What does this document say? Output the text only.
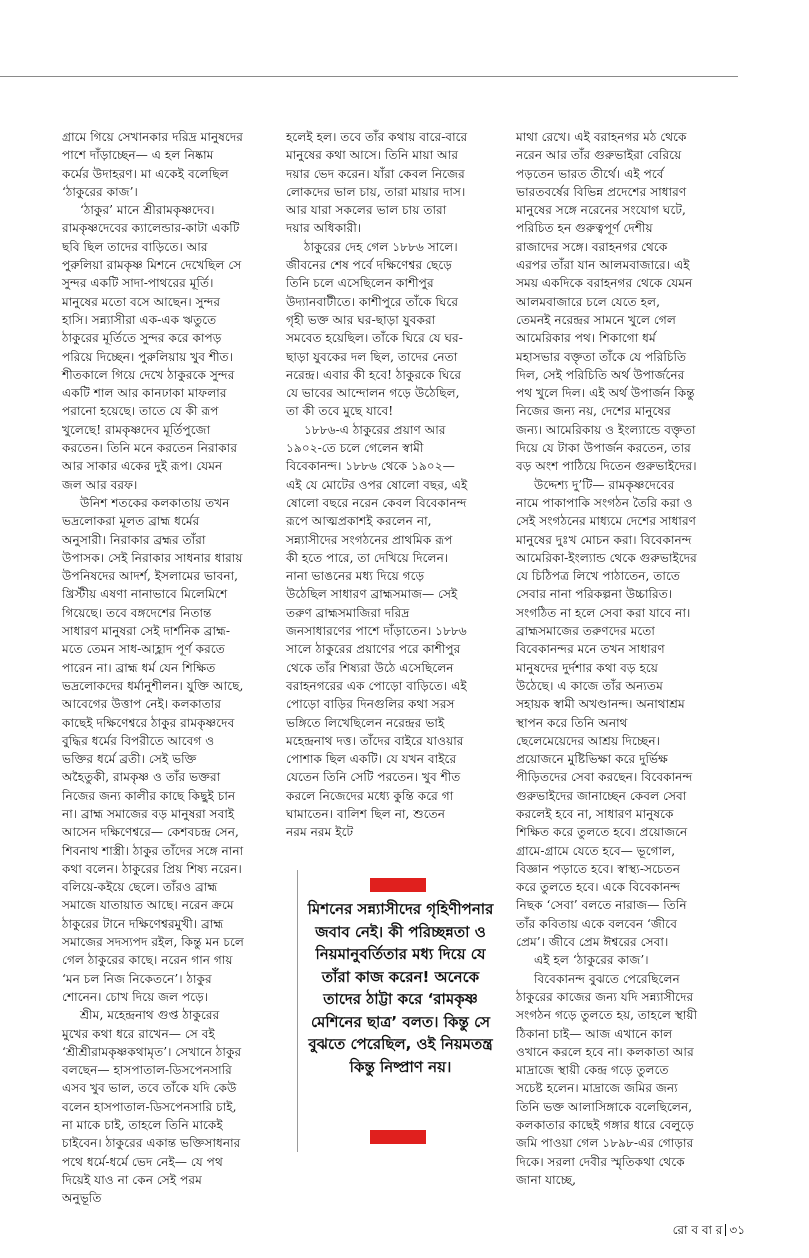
গ্রামে গিয়ে সেখানকার দরিদ্র মানুষদের পাশে দাঁড়াচ্ছেন— এ হল নিষ্কাম কর্মের উদাহরণ। মা একেই বলেছিল ‘ঠাকুরের কাজ’।

‘ঠাকুর’ মানে শ্রীরামকৃষ্ণদেব। রামকৃষ্ণদেবের ক্যালেন্ডার-কাটা একটি ছবি ছিল তাদের বাড়িতে। আর পুরুলিয়া রামকৃষ্ণ মিশনে দেখেছিল সে সুন্দর একটি সাদা-পাথরের মূর্তি। মানুষের মতো বসে আছেন। সুন্দর হাসি। সন্ন্যাসীরা এক-এক ঋতুতে ঠাকুরের মূর্তিতে সুন্দর করে কাপড় পরিয়ে দিচ্ছেন। পুরুলিয়ায় খুব শীত। শীতকালে গিয়ে দেখে ঠাকুরকে সুন্দর একটি শাল আর কানঢাকা মাফলার পরানো হয়েছে। তাতে যে কী রূপ খুলেছে! রামকৃষ্ণদেব মূর্তিপুজো করতেন। তিনি মনে করতেন নিরাকার আর সাকার একের দুই রূপ। যেমন জল আর বরফ।

উনিশ শতকের কলকাতায় তখন ভদ্রলোকরা মূলত ব্রাহ্ম ধর্মের অনুসারী। নিরাকার ব্রহ্মর তাঁরা উপাসক। সেই নিরাকার সাধনার ধারায় উপনিষদের আদর্শ, ইসলামের ভাবনা, খ্রিস্টীয় এষণা নানাভাবে মিলেমিশে গিয়েছে। তবে বঙ্গদেশের নিতান্ত সাধারণ মানুষরা সেই দার্শনিক ব্রাহ্ম-মতে তেমন সাধ-আহ্লাদ পূর্ণ করতে পারেন না। ব্রাহ্ম ধর্ম যেন শিক্ষিত ভদ্রলোকদের ধর্মানুশীলন। যুক্তি আছে, আবেগের উত্তাপ নেই। কলকাতার কাছেই দক্ষিণেশ্বরে ঠাকুর রামকৃষ্ণদেব বুদ্ধির ধর্মের বিপরীতে আবেগ ও ভক্তির ধর্মে ব্রতী। সেই ভক্তি অহৈতুকী, রামকৃষ্ণ ও তাঁর ভক্তরা নিজের জন্য কালীর কাছে কিছুই চান না। ব্রাহ্ম সমাজের বড় মানুষরা সবাই আসেন দক্ষিণেশ্বরে— কেশবচন্দ্র সেন, শিবনাথ শাস্ত্রী। ঠাকুর তাঁদের সঙ্গে নানা কথা বলেন। ঠাকুরের প্রিয় শিষ্য নরেন। বলিয়ে-কইয়ে ছেলে। তাঁরও ব্রাহ্ম সমাজে যাতায়াত আছে। নরেন ক্রমে ঠাকুরের টানে দক্ষিণেশ্বরমুখী। ব্রাহ্ম সমাজের সদস্যপদ রইল, কিন্তু মন চলে গেল ঠাকুরের কাছে। নরেন গান গায় ‘মন চল নিজ নিকেতনে’। ঠাকুর শোনেন। চোখ দিয়ে জল পড়ে।

শ্রীম, মহেন্দ্রনাথ গুপ্ত ঠাকুরের মুখের কথা ধরে রাখেন— সে বই ‘শ্রীশ্রীরামকৃষ্ণকথামৃত’। সেখানে ঠাকুর বলছেন— হাসপাতাল-ডিসপেনসারি এসব খুব ভাল, তবে তাঁকে যদি কেউ বলেন হাসপাতাল-ডিসপেনসারি চাই, না মাকে চাই, তাহলে তিনি মাকেই চাইবেন। ঠাকুরের একান্ত ভক্তিসাধনার পথে ধর্মে-ধর্মে ভেদ নেই— যে পথ দিয়েই যাও না কেন সেই পরম অনুভূতি

হলেই হল। তবে তাঁর কথায় বারে-বারে মানুষের কথা আসে। তিনি মায়া আর দয়ার ভেদ করেন। যাঁরা কেবল নিজের লোকদের ভাল চায়, তারা মায়ার দাস। আর যারা সকলের ভাল চায় তারা দয়ার অধিকারী।

ঠাকুরের দেহ গেল ১৮৮৬ সালে। জীবনের শেষ পর্বে দক্ষিণেশ্বর ছেড়ে তিনি চলে এসেছিলেন কাশীপুর উদ্যানবাটীতে। কাশীপুরে তাঁকে ঘিরে গৃহী ভক্ত আর ঘর-ছাড়া যুবকরা সমবেত হয়েছিল। তাঁকে ঘিরে যে ঘর-ছাড়া যুবকের দল ছিল, তাদের নেতা নরেন্দ্র। এবার কী হবে! ঠাকুরকে ঘিরে যে ভাবের আন্দোলন গড়ে উঠেছিল, তা কী তবে মুছে যাবে!

১৮৮৬-এ ঠাকুরের প্রয়াণ আর ১৯০২-তে চলে গেলেন স্বামী বিবেকানন্দ। ১৮৮৬ থেকে ১৯০২— এই যে মোটের ওপর ষোলো বছর, এই ষোলো বছরে নরেন কেবল বিবেকানন্দ রূপে আত্মপ্রকাশই করলেন না, সন্ন্যাসীদের সংগঠনের প্রাথমিক রূপ কী হতে পারে, তা দেখিয়ে দিলেন। নানা ভাঙনের মধ্য দিয়ে গড়ে উঠেছিল সাধারণ ব্রাহ্মসমাজ— সেই তরুণ ব্রাহ্মসমাজিরা দরিদ্র জনসাধারণের পাশে দাঁড়াতেন। ১৮৮৬ সালে ঠাকুরের প্রয়াণের পরে কাশীপুর থেকে তাঁর শিষ্যরা উঠে এসেছিলেন বরাহনগরের এক পোড়ো বাড়িতে। এই পোড়ো বাড়ির দিনগুলির কথা সরস ভঙ্গিতে লিখেছিলেন নরেন্দ্রর ভাই মহেন্দ্রনাথ দত্ত। তাঁদের বাইরে যাওয়ার পোশাক ছিল একটি। যে যখন বাইরে যেতেন তিনি সেটি পরতেন। খুব শীত করলে নিজেদের মধ্যে কুন্তি করে গা ঘামাতেন। বালিশ ছিল না, শুতেন নরম নরম ইটে

মিশনের সন্ন্যাসীদের গৃহিণীপনার জবাব নেই। কী পরিচ্ছন্নতা ও নিয়মানুবর্তিতার মধ্য দিয়ে যে তাঁরা কাজ করেন! অনেকে তাদের ঠাট্টা করে ‘রামকৃষ্ণ মেশিনের ছাত্র’ বলত। কিন্তু সে বুঝতে পেরেছিল, ওই নিয়মতন্ত্র কিন্তু নিষ্প্রাণ নয়।

মাথা রেখে। এই বরাহনগর মঠ থেকে নরেন আর তাঁর গুরুভাইরা বেরিয়ে পড়তেন ভারত তীর্থে। এই পর্বে ভারতবর্ষের বিভিন্ন প্রদেশের সাধারণ মানুষের সঙ্গে নরেনের সংযোগ ঘটে, পরিচিত হন গুরুত্বপূর্ণ দেশীয় রাজাদের সঙ্গে। বরাহনগর থেকে এরপর তাঁরা যান আলমবাজারে। এই সময় একদিকে বরাহনগর থেকে যেমন আলমবাজারে চলে যেতে হল, তেমনই নরেন্দ্রর সামনে খুলে গেল আমেরিকার পথ। শিকাগো ধর্ম মহাসভার বক্তৃতা তাঁকে যে পরিচিতি দিল, সেই পরিচিতি অর্থ উপার্জনের পথ খুলে দিল। এই অর্থ উপার্জন কিন্তু নিজের জন্য নয়, দেশের মানুষের জন্য। আমেরিকায় ও ইংল্যান্ডে বক্তৃতা দিয়ে যে টাকা উপার্জন করতেন, তার বড় অংশ পাঠিয়ে দিতেন গুরুভাইদের।

উদ্দেশ্য দু’টি— রামকৃষ্ণদেবের নামে পাকাপাকি সংগঠন তৈরি করা ও সেই সংগঠনের মাধ্যমে দেশের সাধারণ মানুষের দুঃখ মোচন করা। বিবেকানন্দ আমেরিকা-ইংল্যান্ড থেকে গুরুভাইদের যে চিঠিপত্র লিখে পাঠাতেন, তাতে সেবার নানা পরিকল্পনা উচ্চারিত। সংগঠিত না হলে সেবা করা যাবে না। ব্রাহ্মসমাজের তরুণদের মতো বিবেকানন্দর মনে তখন সাধারণ মানুষদের দুর্দশার কথা বড় হয়ে উঠেছে। এ কাজে তাঁর অন্যতম সহায়ক স্বামী অখণ্ডানন্দ। অনাথাশ্রম স্থাপন করে তিনি অনাথ ছেলেমেয়েদের আশ্রয় দিচ্ছেন। প্রয়োজনে মুষ্টিভিক্ষা করে দুর্ভিক্ষ পীড়িতদের সেবা করছেন। বিবেকানন্দ গুরুভাইদের জানাচ্ছেন কেবল সেবা করলেই হবে না, সাধারণ মানুষকে শিক্ষিত করে তুলতে হবে। প্রয়োজনে গ্রামে-গ্রামে যেতে হবে— ভূগোল, বিজ্ঞান পড়াতে হবে। স্বাস্থ্য-সচেতন করে তুলতে হবে। একে বিবেকানন্দ নিছক ‘সেবা’ বলতে নারাজ— তিনি তাঁর কবিতায় একে বলবেন ‘জীবে প্রেম’। জীবে প্রেম ঈশ্বরের সেবা।

এই হল ‘ঠাকুরের কাজ’।

বিবেকানন্দ বুঝতে পেরেছিলেন ঠাকুরের কাজের জন্য যদি সন্ন্যাসীদের সংগঠন গড়ে তুলতে হয়, তাহলে স্থায়ী ঠিকানা চাই— আজ এখানে কাল ওখানে করলে হবে না। কলকাতা আর মাদ্রাজে স্থায়ী কেন্দ্র গড়ে তুলতে সচেষ্ট হলেন। মাদ্রাজে জমির জন্য তিনি ভক্ত আলাসিঙ্গাকে বলেছিলেন, কলকাতার কাছেই গঙ্গার ধারে বেলুড়ে জমি পাওয়া গেল ১৮৯৮-এর গোড়ার দিকে। সরলা দেবীর স্মৃতিকথা থেকে জানা যাচ্ছে,

রো ব বা র ৩১
